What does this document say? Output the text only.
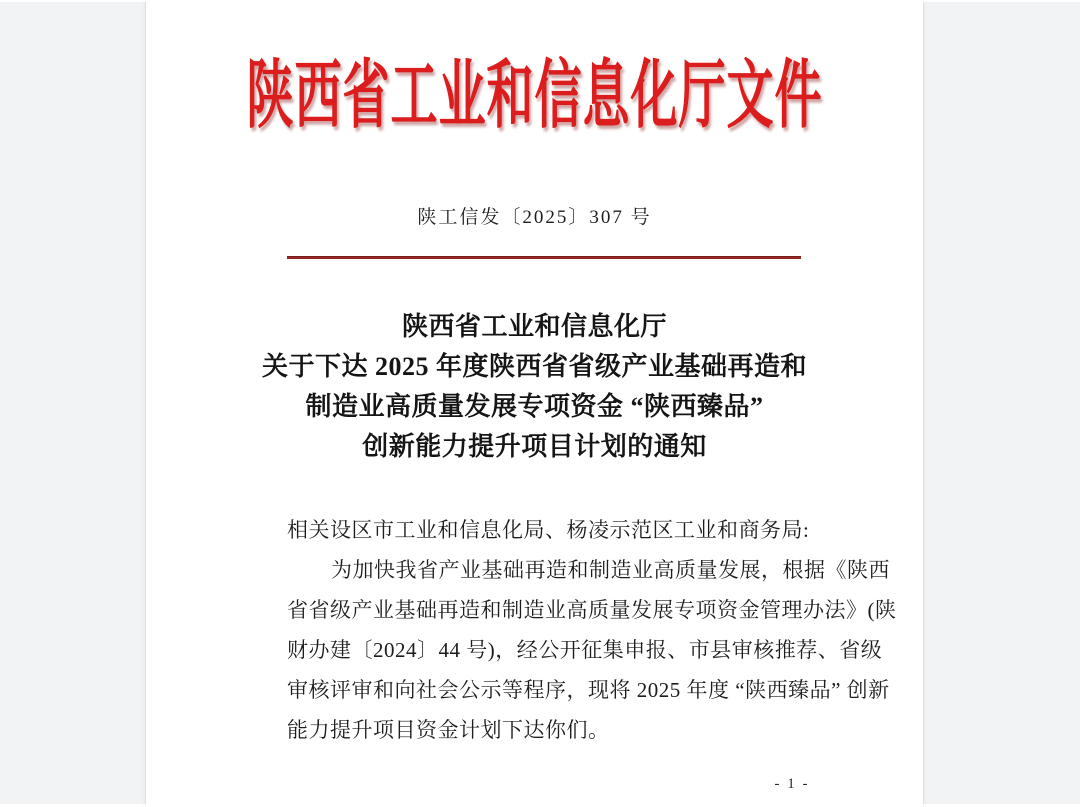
陕西省工业和信息化厅文件
陕工信发〔2025〕307 号
陕西省工业和信息化厅
关于下达 2025 年度陕西省省级产业基础再造和
制造业高质量发展专项资金 “陕西臻品”
创新能力提升项目计划的通知
相关设区市工业和信息化局、杨凌示范区工业和商务局:
为加快我省产业基础再造和制造业高质量发展，根据《陕西
省省级产业基础再造和制造业高质量发展专项资金管理办法》(陕
财办建〔2024〕44 号)，经公开征集申报、市县审核推荐、省级
审核评审和向社会公示等程序，现将 2025 年度 “陕西臻品” 创新
能力提升项目资金计划下达你们。
- 1 -
